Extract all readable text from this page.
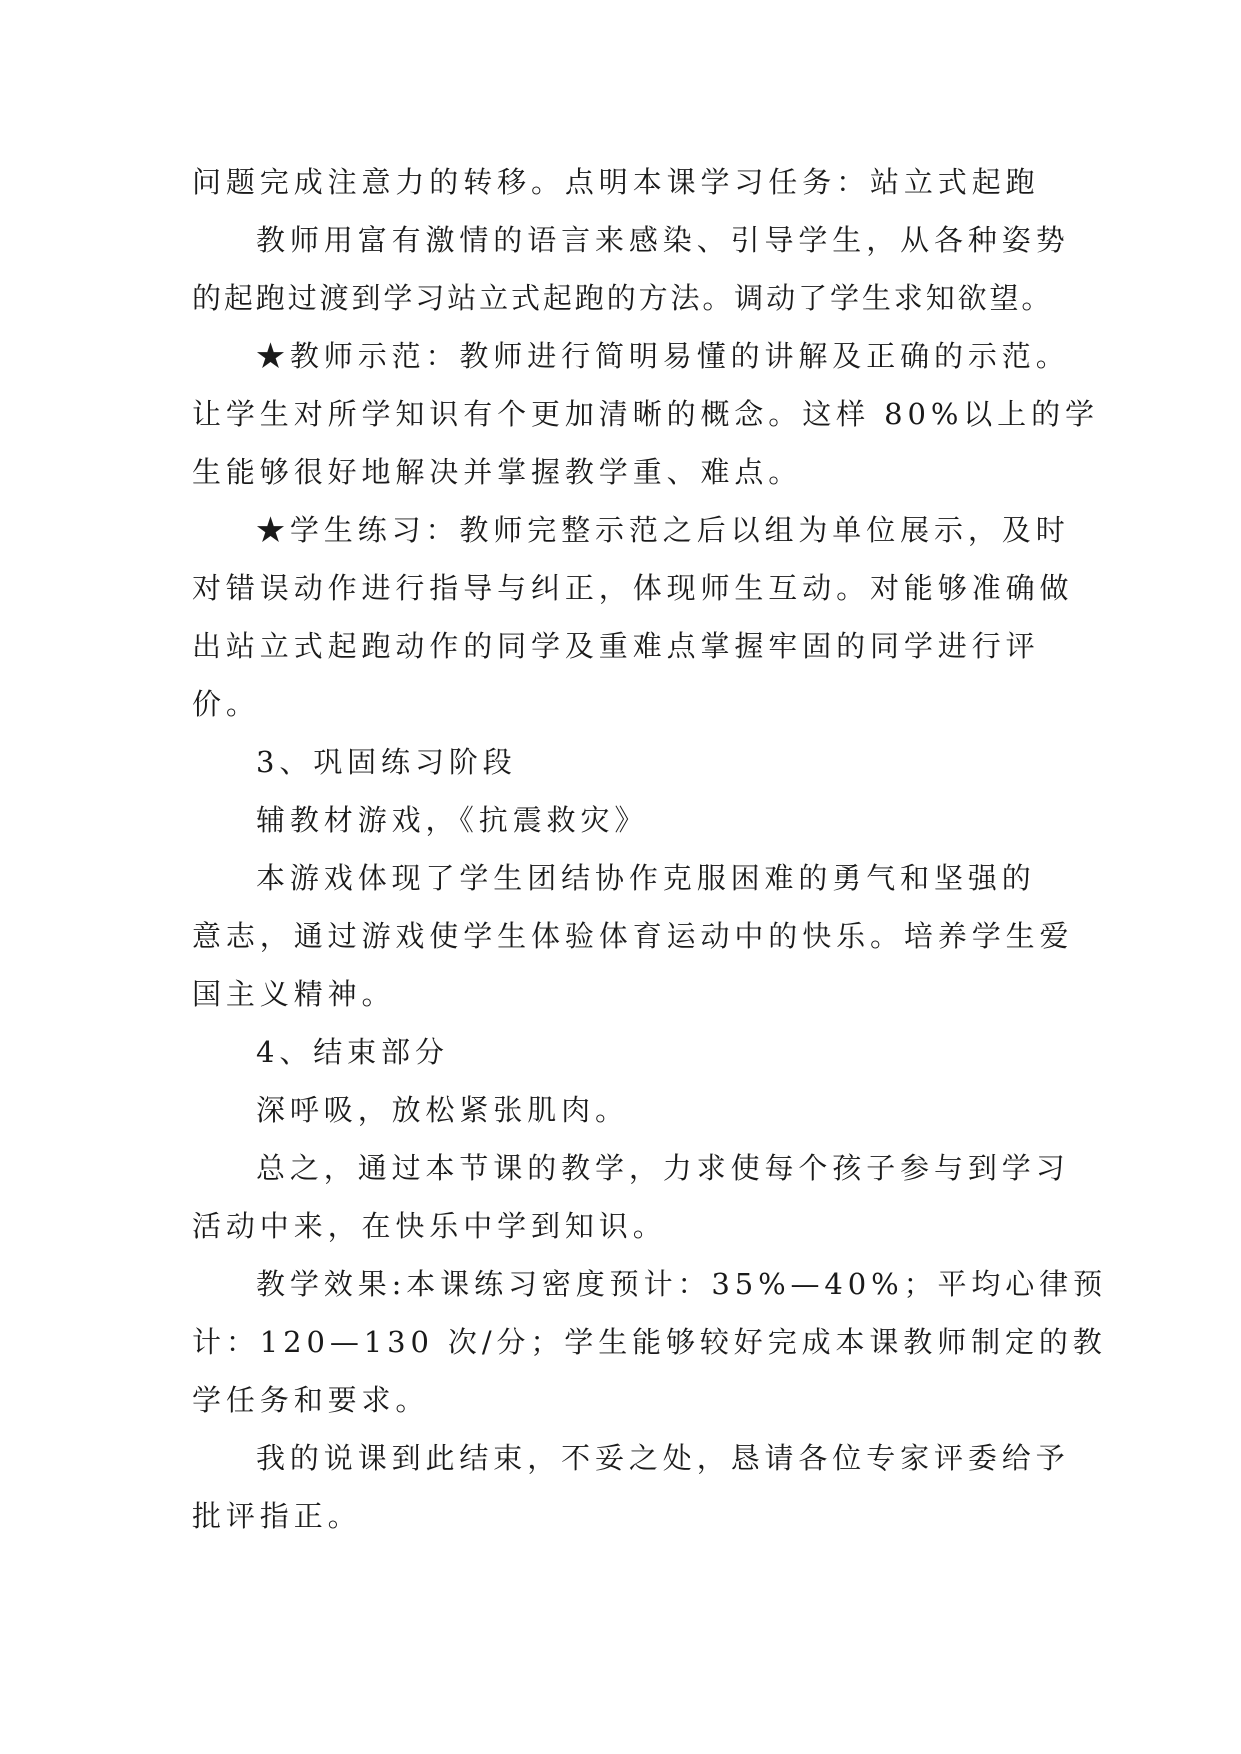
问题完成注意力的转移。点明本课学习任务：站立式起跑
教师用富有激情的语言来感染、引导学生，从各种姿势
的起跑过渡到学习站立式起跑的方法。调动了学生求知欲望。
★教师示范：教师进行简明易懂的讲解及正确的示范。
让学生对所学知识有个更加清晰的概念。这样 80%以上的学
生能够很好地解决并掌握教学重、难点。
★学生练习：教师完整示范之后以组为单位展示，及时
对错误动作进行指导与纠正，体现师生互动。对能够准确做
出站立式起跑动作的同学及重难点掌握牢固的同学进行评
价。
3、巩固练习阶段
辅教材游戏，《抗震救灾》
本游戏体现了学生团结协作克服困难的勇气和坚强的
意志，通过游戏使学生体验体育运动中的快乐。培养学生爱
国主义精神。
4、结束部分
深呼吸，放松紧张肌肉。
总之，通过本节课的教学，力求使每个孩子参与到学习
活动中来，在快乐中学到知识。
教学效果:本课练习密度预计：35%—40%；平均心律预
计：120—130 次/分；学生能够较好完成本课教师制定的教
学任务和要求。
我的说课到此结束，不妥之处，恳请各位专家评委给予
批评指正。
